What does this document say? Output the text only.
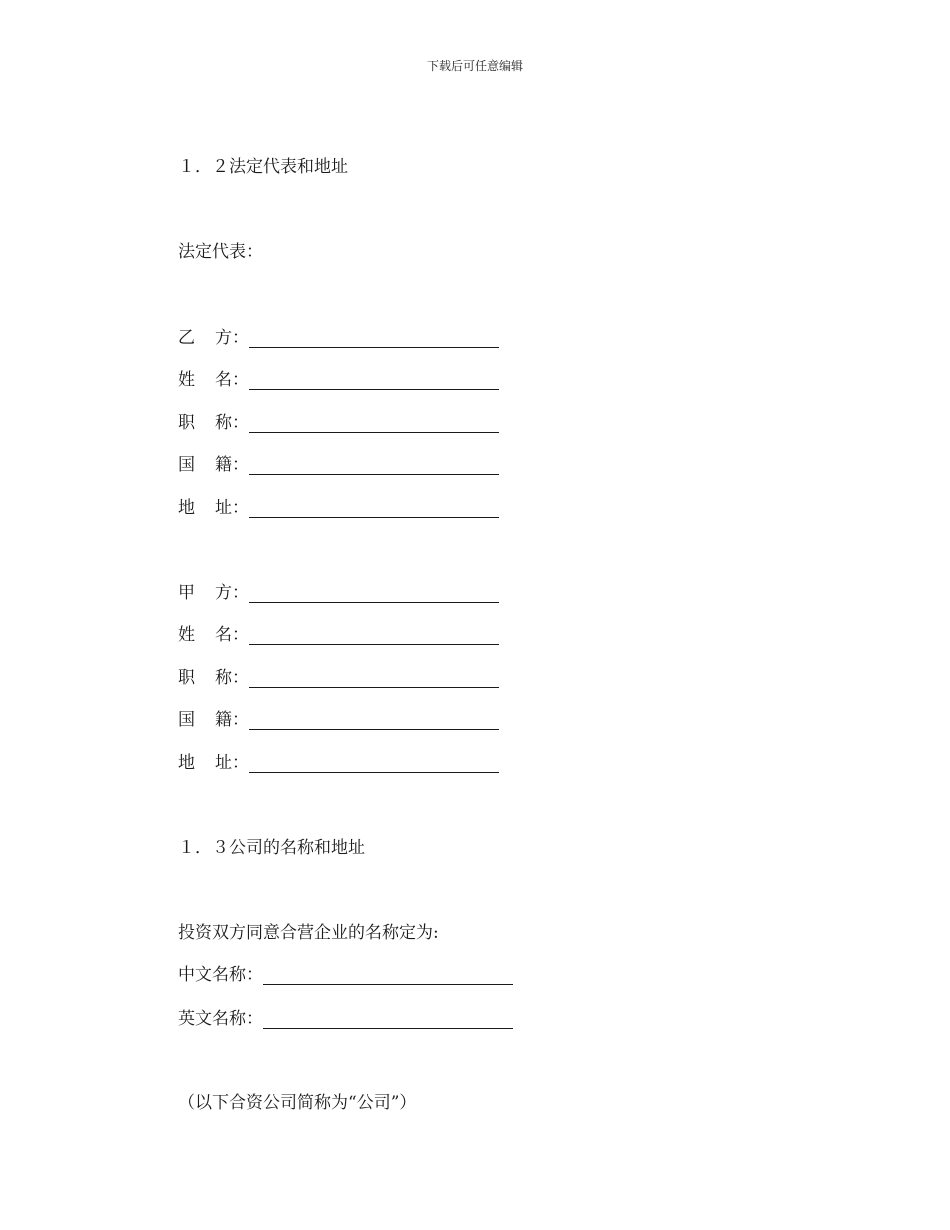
下载后可任意编辑
１．２法定代表和地址
法定代表：
乙	方 ：
姓	名 ：
职	称 ：
国	籍 ：
地	址 ：
甲	方 ：
姓	名 ：
职	称 ：
国	籍 ：
地	址 ：
１．３公司的名称和地址
投资双方同意合营企业的名称定为:
中文名称：
英文名称：
（以下合资公司简称为“公司”）
